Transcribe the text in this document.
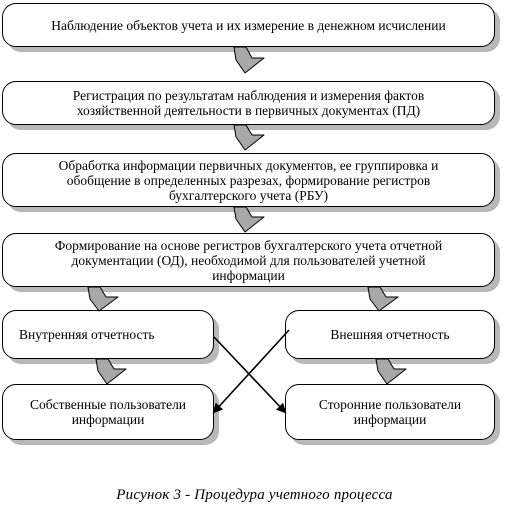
Наблюдение объектов учета и их измерение в денежном исчислении
Регистрация по результатам наблюдения и измерения фактов
хозяйственной деятельности в первичных документах (ПД)
Обработка информации первичных документов, ее группировка и
обобщение в определенных разрезах, формирование регистров
бухгалтерского учета (РБУ)
Формирование на основе регистров бухгалтерского учета отчетной
документации (ОД), необходимой для пользователей учетной
информации
Внутренняя отчетность	Внешняя отчетность
Собственные пользователи
информации
Сторонние пользователи
информации
Рисунок 3 - Процедура учетного процесса
